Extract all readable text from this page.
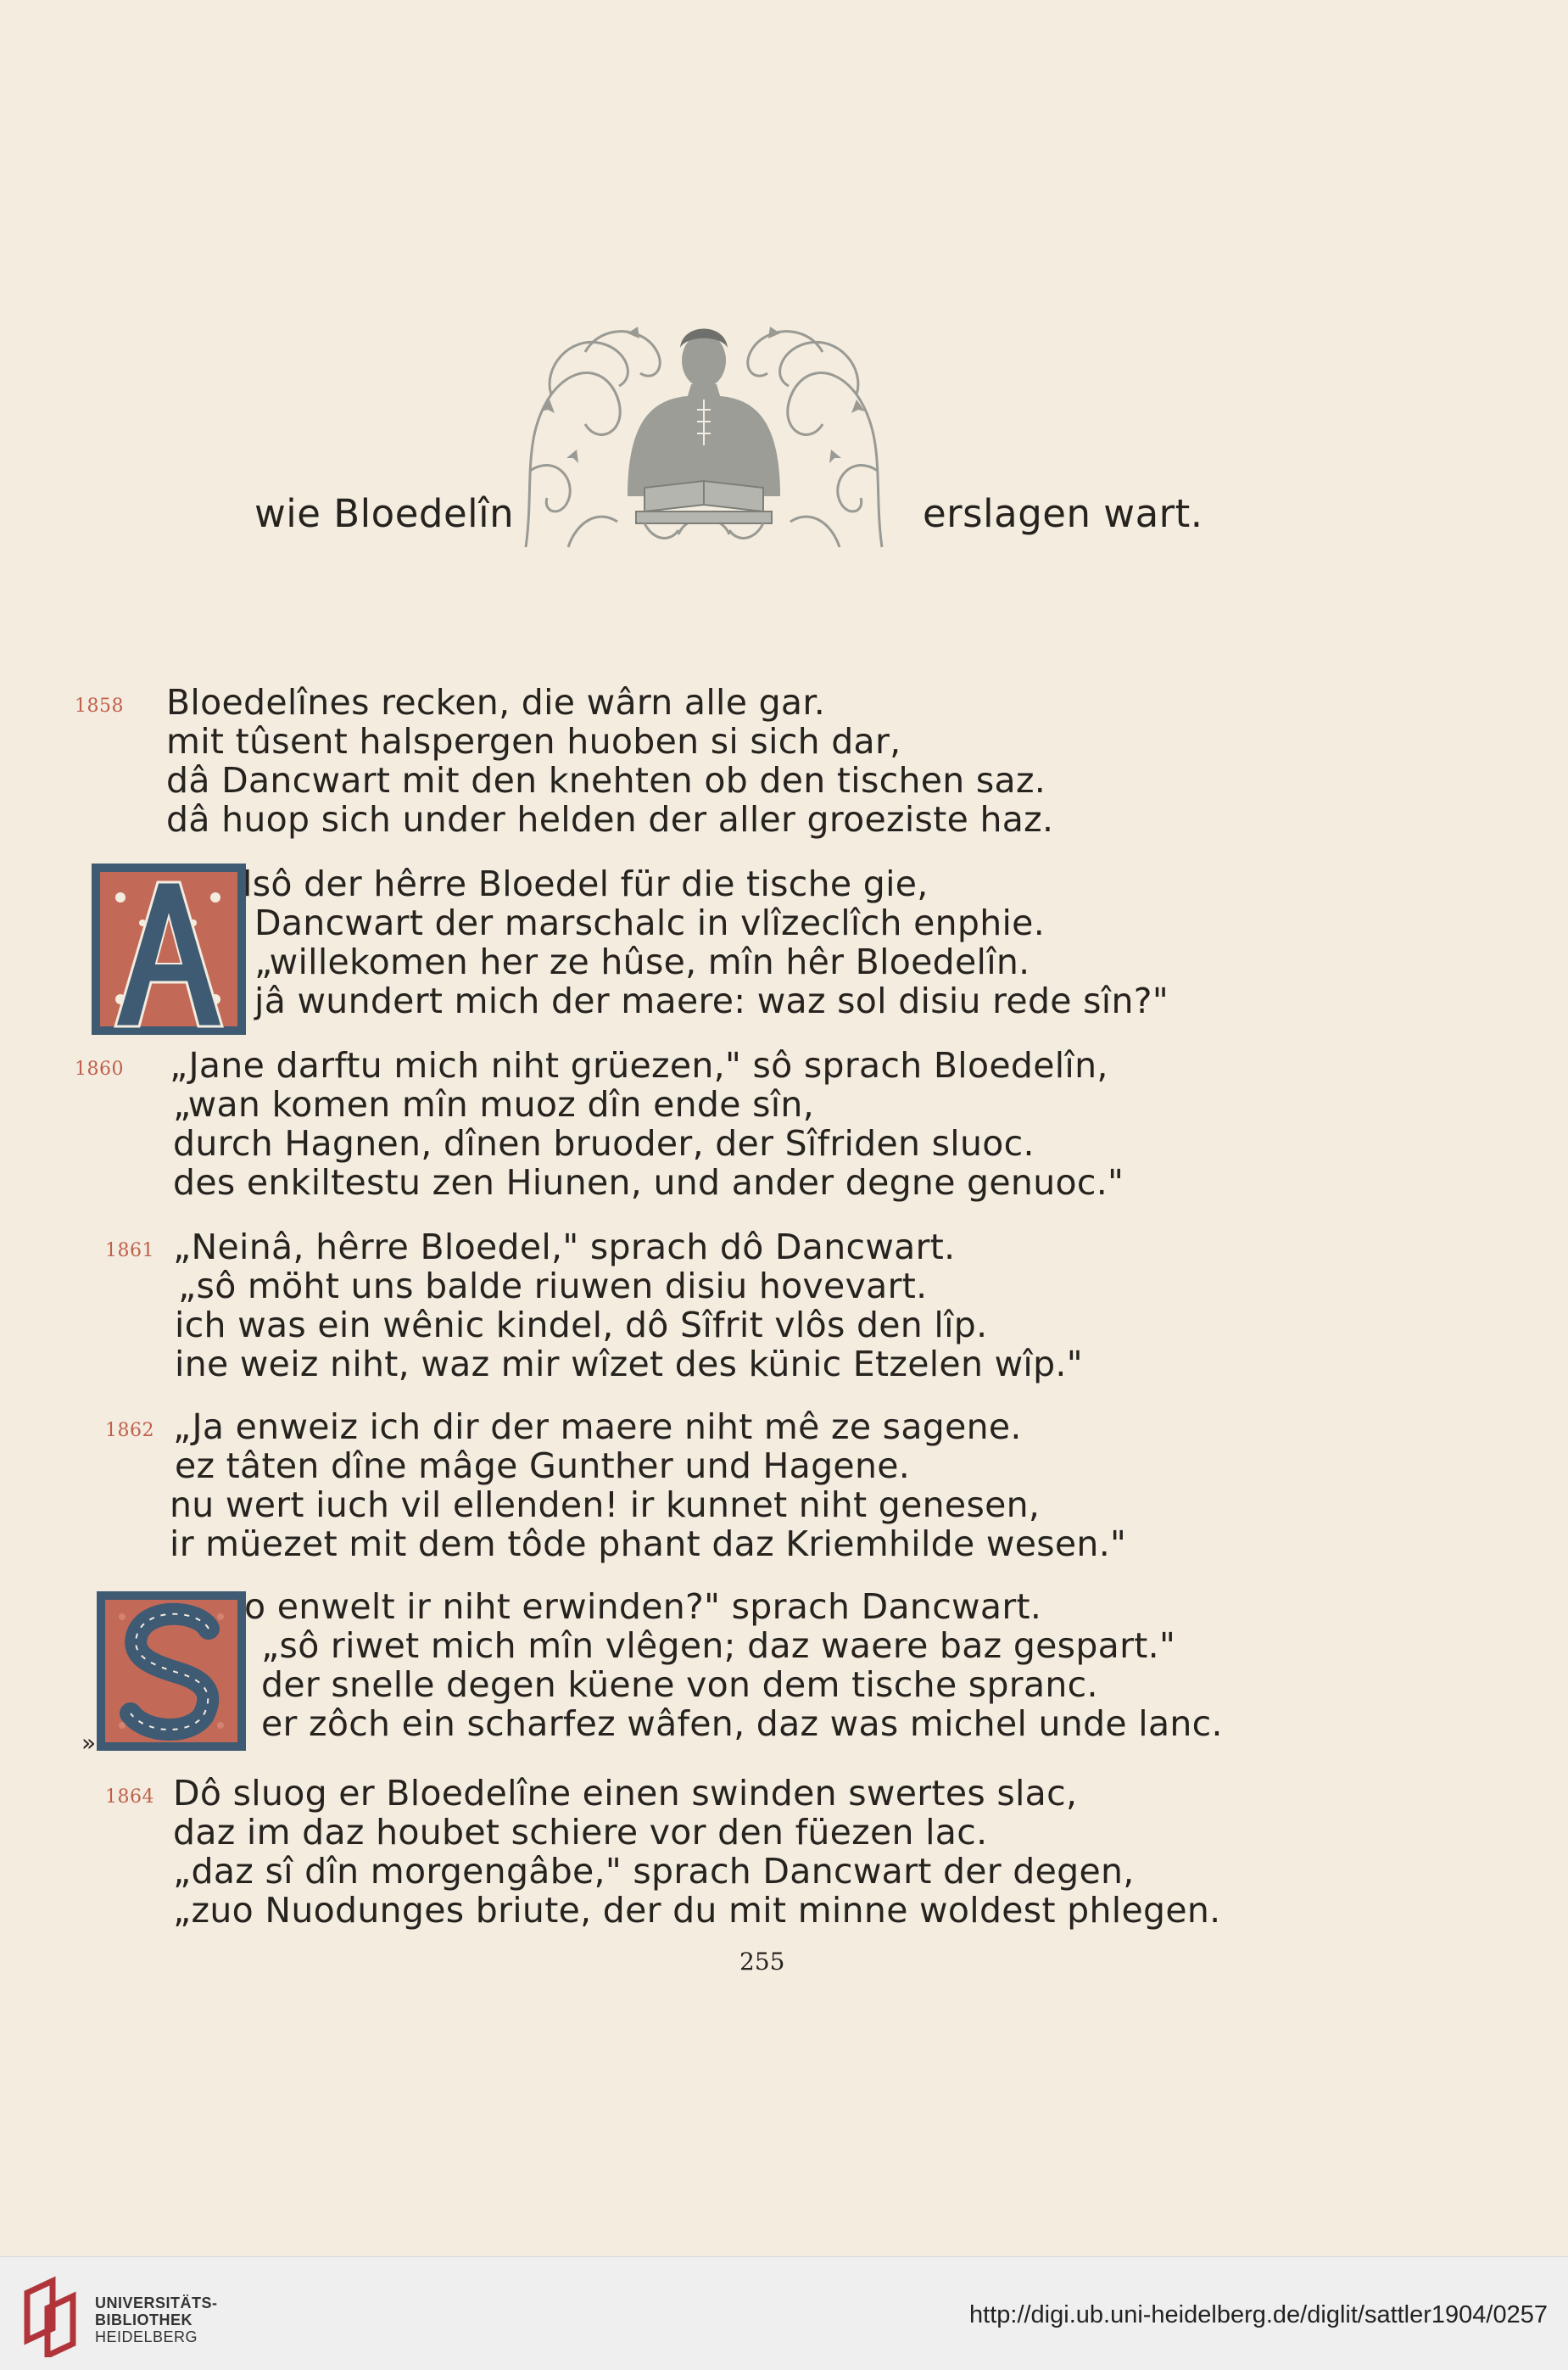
wie Bloedelîn	erslagen wart.
1858 Bloedelînes recken, die wârn alle gar.
mit tûsent halspergen huoben si sich dar,
dâ Dancwart mit den knehten ob den tischen saz.
dâ huop sich under helden der aller groeziste haz.
lsô der hêrre Bloedel für die tische gie,
Dancwart der marschalc in vlîzeclîch enphie.
„willekomen her ze hûse, mîn hêr Bloedelîn.
jâ wundert mich der maere: waz sol disiu rede sîn?"
1860 „Jane darftu mich niht grüezen," sô sprach Bloedelîn,
„wan komen mîn muoz dîn ende sîn,
durch Hagnen, dînen bruoder, der Sîfriden sluoc.
des enkiltestu zen Hiunen, und ander degne genuoc."
1861 „Neinâ, hêrre Bloedel," sprach dô Dancwart.
„sô möht uns balde riuwen disiu hovevart.
ich was ein wênic kindel, dô Sîfrit vlôs den lîp.
ine weiz niht, waz mir wîzet des künic Etzelen wîp."
1862 „Ja enweiz ich dir der maere niht mê ze sagene.
ez tâten dîne mâge Gunther und Hagene.
nu wert iuch vil ellenden! ir kunnet niht genesen,
ir müezet mit dem tôde phant daz Kriemhilde wesen."
»
o enwelt ir niht erwinden?" sprach Dancwart.
„sô riwet mich mîn vlêgen; daz waere baz gespart."
der snelle degen küene von dem tische spranc.
er zôch ein scharfez wâfen, daz was michel unde lanc.
1864 Dô sluog er Bloedelîne einen swinden swertes slac,
daz im daz houbet schiere vor den füezen lac.
„daz sî dîn morgengâbe," sprach Dancwart der degen,
„zuo Nuodunges briute, der du mit minne woldest phlegen.
255
UNIVERSITÄTS-
BIBLIOTHEK
HEIDELBERG
http://digi.ub.uni-heidelberg.de/diglit/sattler1904/0257
